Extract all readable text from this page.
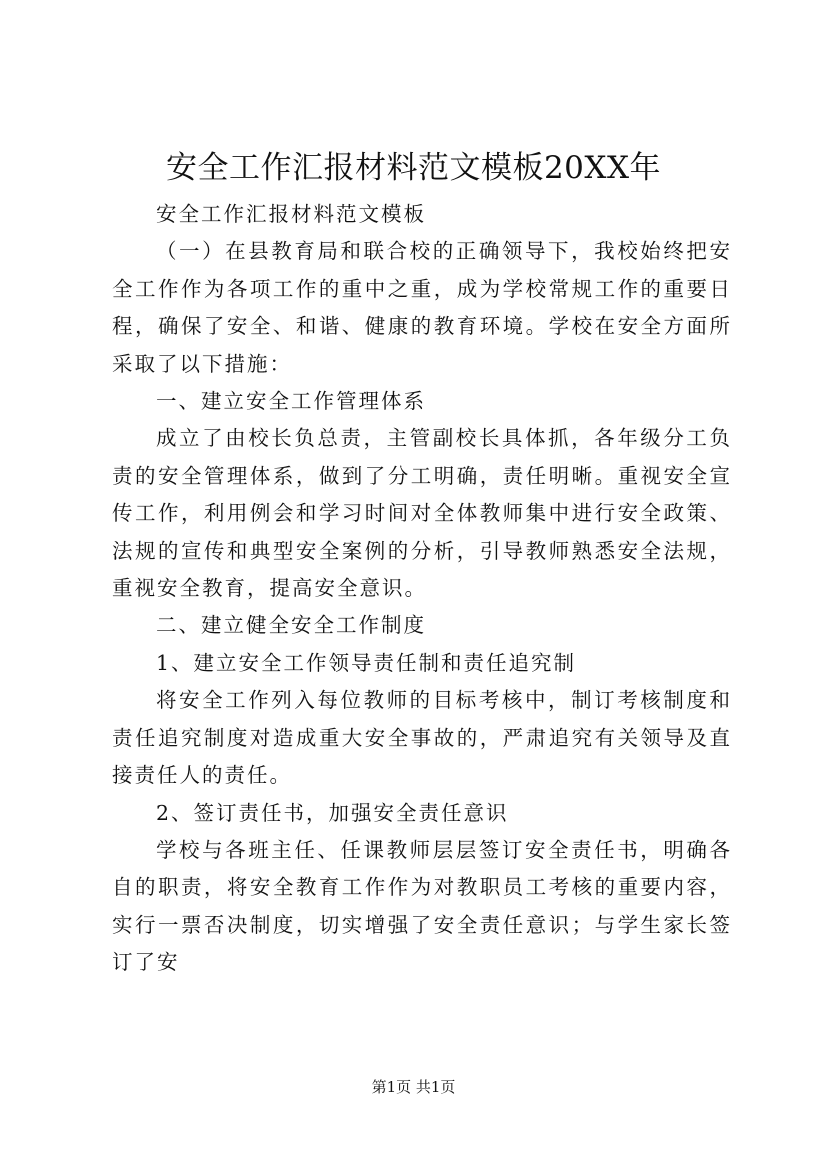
安全工作汇报材料范文模板20XX年

安全工作汇报材料范文模板

（一）在县教育局和联合校的正确领导下，我校始终把安全工作作为各项工作的重中之重，成为学校常规工作的重要日程，确保了安全、和谐、健康的教育环境。学校在安全方面所采取了以下措施：

一、建立安全工作管理体系

成立了由校长负总责，主管副校长具体抓，各年级分工负责的安全管理体系，做到了分工明确，责任明晰。重视安全宣传工作，利用例会和学习时间对全体教师集中进行安全政策、法规的宣传和典型安全案例的分析，引导教师熟悉安全法规，重视安全教育，提高安全意识。

二、建立健全安全工作制度

1、建立安全工作领导责任制和责任追究制

将安全工作列入每位教师的目标考核中，制订考核制度和责任追究制度对造成重大安全事故的，严肃追究有关领导及直接责任人的责任。

2、签订责任书，加强安全责任意识

学校与各班主任、任课教师层层签订安全责任书，明确各自的职责，将安全教育工作作为对教职员工考核的重要内容，实行一票否决制度，切实增强了安全责任意识；与学生家长签订了安

第1页 共1页
